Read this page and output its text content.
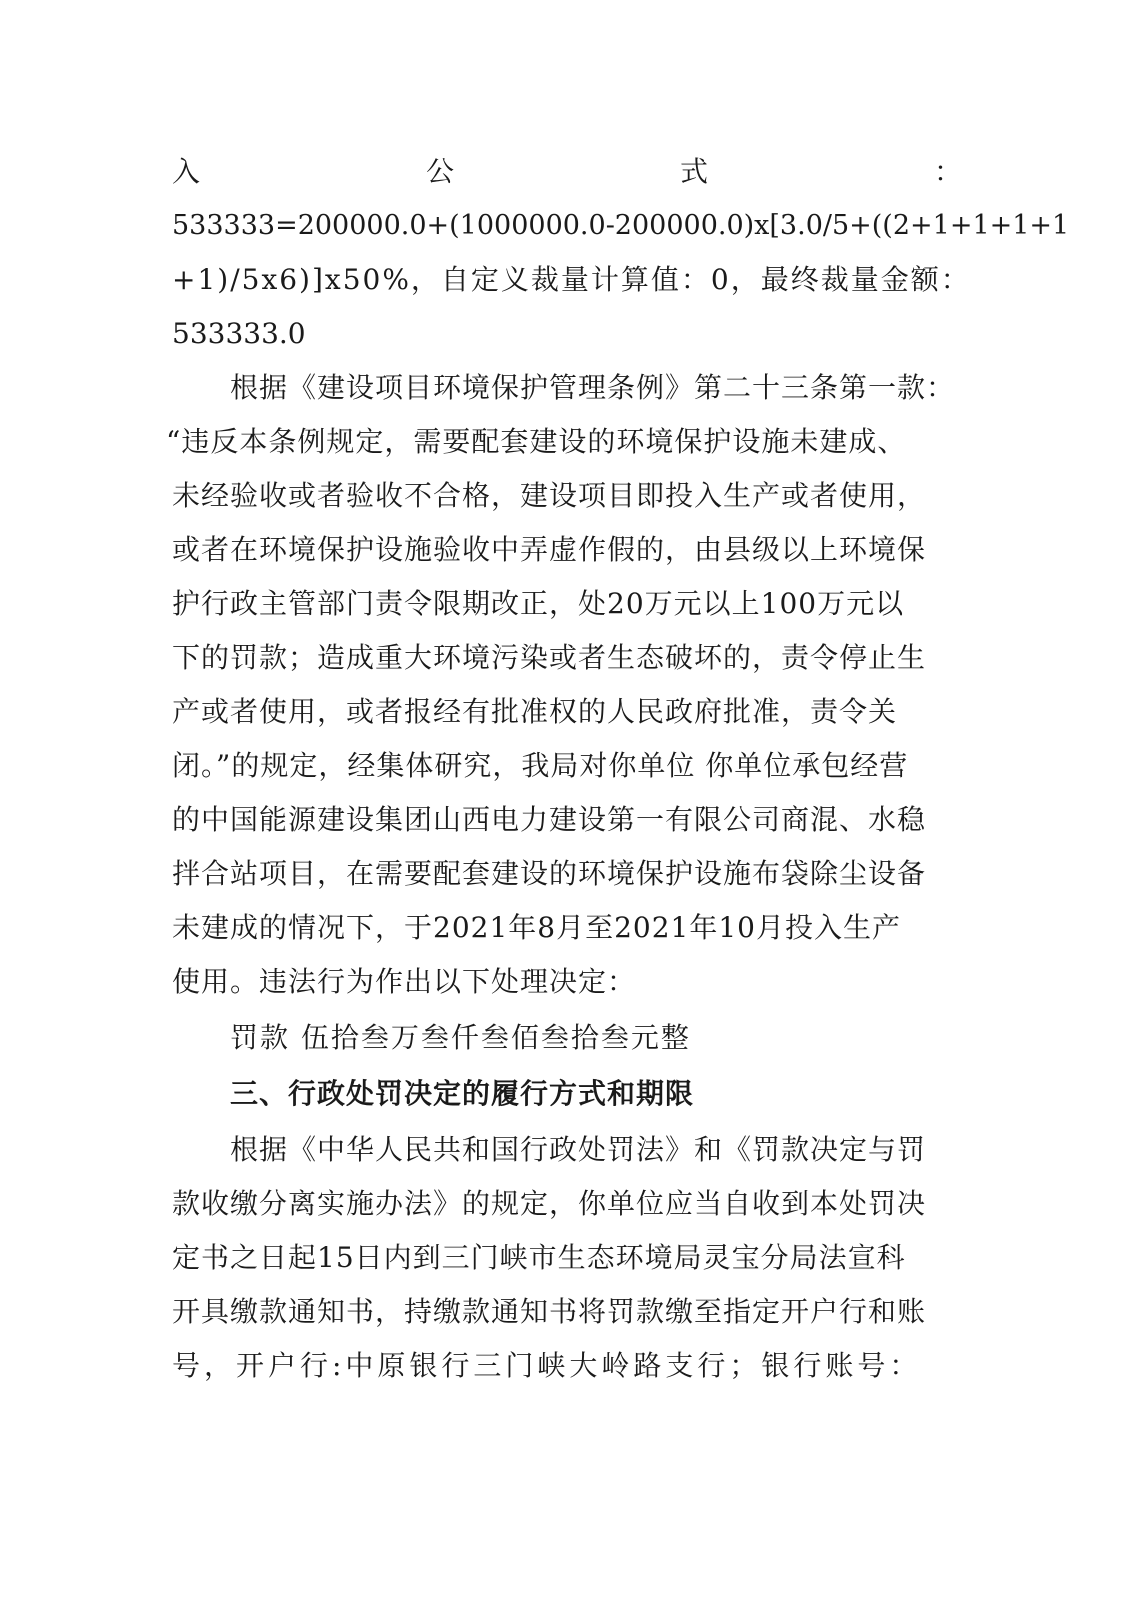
入	公	式	：
533333=200000.0+(1000000.0-200000.0)x[3.0/5+((2+1+1+1+1
+1)/5x6)]x50%，自定义裁量计算值：0，最终裁量金额：
533333.0
根据《建设项目环境保护管理条例》第二十三条第一款：
“违反本条例规定，需要配套建设的环境保护设施未建成、
未经验收或者验收不合格，建设项目即投入生产或者使用，
或者在环境保护设施验收中弄虚作假的，由县级以上环境保
护行政主管部门责令限期改正，处20万元以上100万元以
下的罚款；造成重大环境污染或者生态破坏的，责令停止生
产或者使用，或者报经有批准权的人民政府批准，责令关
闭。”的规定，经集体研究，我局对你单位 你单位承包经营
的中国能源建设集团山西电力建设第一有限公司商混、水稳
拌合站项目，在需要配套建设的环境保护设施布袋除尘设备
未建成的情况下，于2021年8月至2021年10月投入生产
使用。违法行为作出以下处理决定：
罚款 伍拾叁万叁仟叁佰叁拾叁元整
三、行政处罚决定的履行方式和期限
根据《中华人民共和国行政处罚法》和《罚款决定与罚
款收缴分离实施办法》的规定，你单位应当自收到本处罚决
定书之日起15日内到三门峡市生态环境局灵宝分局法宣科
开具缴款通知书，持缴款通知书将罚款缴至指定开户行和账
号，开户行:中原银行三门峡大岭路支行；银行账号：
